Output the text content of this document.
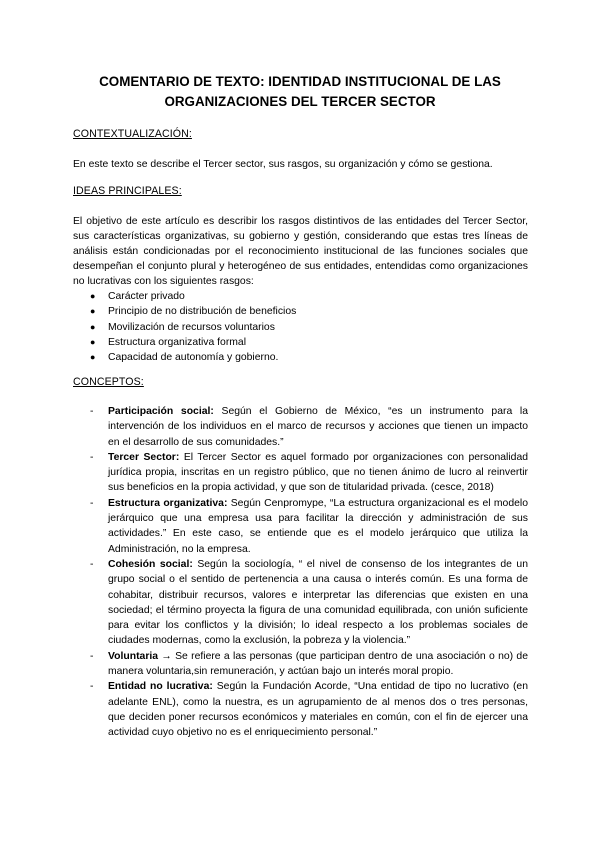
COMENTARIO DE TEXTO: IDENTIDAD INSTITUCIONAL DE LAS ORGANIZACIONES DEL TERCER SECTOR
CONTEXTUALIZACIÓN:
En este texto se describe el Tercer sector, sus rasgos, su organización y cómo se gestiona.
IDEAS PRINCIPALES:
El objetivo de este artículo es describir los rasgos distintivos de las entidades del Tercer Sector, sus características organizativas, su gobierno y gestión, considerando que estas tres líneas de análisis están condicionadas por el reconocimiento institucional de las funciones sociales que desempeñan el conjunto plural y heterogéneo de sus entidades, entendidas como organizaciones no lucrativas con los siguientes rasgos:
● Carácter privado
● Principio de no distribución de beneficios
● Movilización de recursos voluntarios
● Estructura organizativa formal
● Capacidad de autonomía y gobierno.
CONCEPTOS:
- Participación social: Según el Gobierno de México, “es un instrumento para la intervención de los individuos en el marco de recursos y acciones que tienen un impacto en el desarrollo de sus comunidades.”
- Tercer Sector: El Tercer Sector es aquel formado por organizaciones con personalidad jurídica propia, inscritas en un registro público, que no tienen ánimo de lucro al reinvertir sus beneficios en la propia actividad, y que son de titularidad privada. (cesce, 2018)
- Estructura organizativa: Según Cenpromype, “La estructura organizacional es el modelo jerárquico que una empresa usa para facilitar la dirección y administración de sus actividades.” En este caso, se entiende que es el modelo jerárquico que utiliza la Administración, no la empresa.
- Cohesión social: Según la sociología, “ el nivel de consenso de los integrantes de un grupo social o el sentido de pertenencia a una causa o interés común. Es una forma de cohabitar, distribuir recursos, valores e interpretar las diferencias que existen en una sociedad; el término proyecta la figura de una comunidad equilibrada, con unión suficiente para evitar los conflictos y la división; lo ideal respecto a los problemas sociales de ciudades modernas, como la exclusión, la pobreza y la violencia.”
- Voluntaria → Se refiere a las personas (que participan dentro de una asociación o no) de manera voluntaria,sin remuneración, y actúan bajo un interés moral propio.
- Entidad no lucrativa: Según la Fundación Acorde, “Una entidad de tipo no lucrativo (en adelante ENL), como la nuestra, es un agrupamiento de al menos dos o tres personas, que deciden poner recursos económicos y materiales en común, con el fin de ejercer una actividad cuyo objetivo no es el enriquecimiento personal.”
